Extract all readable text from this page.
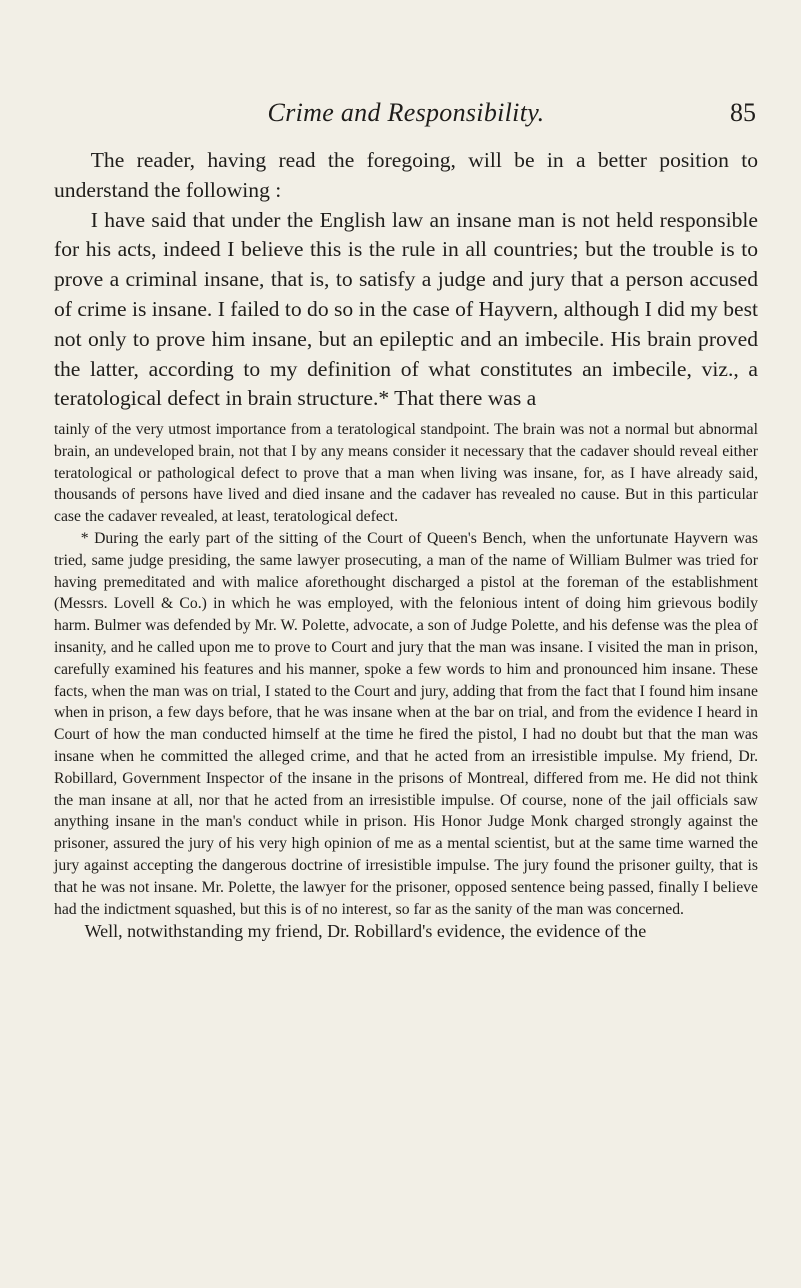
Crime and Responsibility.	85

The reader, having read the foregoing, will be in a better position to understand the following :

I have said that under the English law an insane man is not held responsible for his acts, indeed I believe this is the rule in all countries; but the trouble is to prove a criminal insane, that is, to satisfy a judge and jury that a person accused of crime is insane. I failed to do so in the case of Hayvern, although I did my best not only to prove him insane, but an epileptic and an imbecile. His brain proved the latter, according to my definition of what constitutes an imbecile, viz., a teratological defect in brain structure.* That there was a

tainly of the very utmost importance from a teratological standpoint. The brain was not a normal but abnormal brain, an undeveloped brain, not that I by any means consider it necessary that the cadaver should reveal either teratological or pathological defect to prove that a man when living was insane, for, as I have already said, thousands of persons have lived and died insane and the cadaver has revealed no cause. But in this particular case the cadaver revealed, at least, teratological defect.

* During the early part of the sitting of the Court of Queen's Bench, when the unfortunate Hayvern was tried, same judge presiding, the same lawyer prosecuting, a man of the name of William Bulmer was tried for having premeditated and with malice aforethought discharged a pistol at the foreman of the establishment (Messrs. Lovell & Co.) in which he was employed, with the felonious intent of doing him grievous bodily harm. Bulmer was defended by Mr. W. Polette, advocate, a son of Judge Polette, and his defense was the plea of insanity, and he called upon me to prove to Court and jury that the man was insane. I visited the man in prison, carefully examined his features and his manner, spoke a few words to him and pronounced him insane. These facts, when the man was on trial, I stated to the Court and jury, adding that from the fact that I found him insane when in prison, a few days before, that he was insane when at the bar on trial, and from the evidence I heard in Court of how the man conducted himself at the time he fired the pistol, I had no doubt but that the man was insane when he committed the alleged crime, and that he acted from an irresistible impulse. My friend, Dr. Robillard, Government Inspector of the insane in the prisons of Montreal, differed from me. He did not think the man insane at all, nor that he acted from an irresistible impulse. Of course, none of the jail officials saw anything insane in the man's conduct while in prison. His Honor Judge Monk charged strongly against the prisoner, assured the jury of his very high opinion of me as a mental scientist, but at the same time warned the jury against accepting the dangerous doctrine of irresistible impulse. The jury found the prisoner guilty, that is that he was not insane. Mr. Polette, the lawyer for the prisoner, opposed sentence being passed, finally I believe had the indictment squashed, but this is of no interest, so far as the sanity of the man was concerned.

Well, notwithstanding my friend, Dr. Robillard's evidence, the evidence of the
